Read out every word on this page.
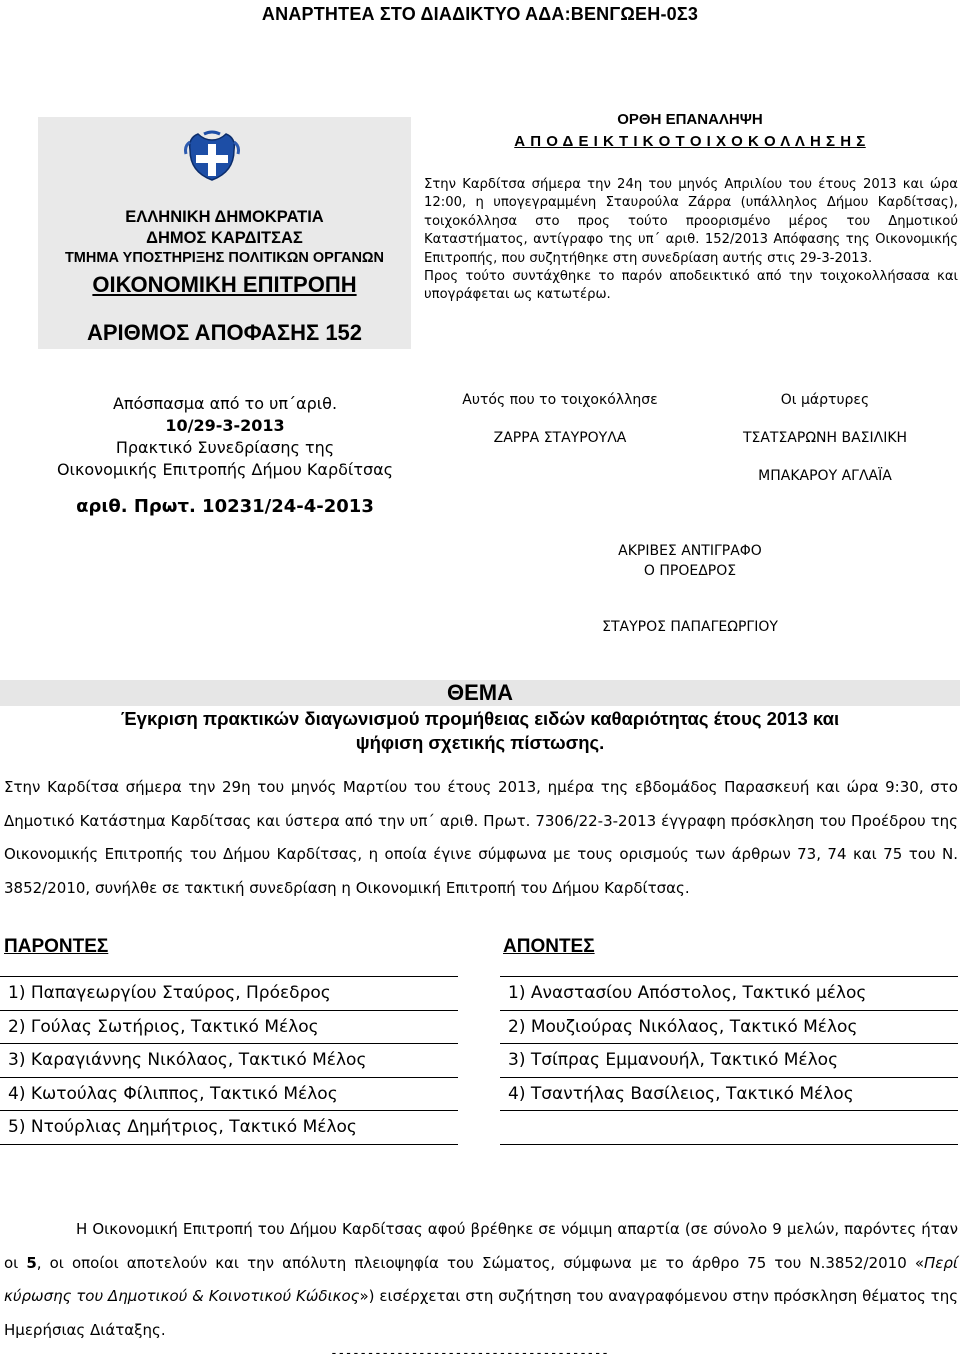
ΑΝΑΡΤΗΤΕΑ ΣΤΟ ΔΙΑΔΙΚΤΥΟ ΑΔΑ:ΒΕΝΓΩΕΗ-0Σ3
ΕΛΛΗΝΙΚΗ ΔΗΜΟΚΡΑΤΙΑ
ΔΗΜΟΣ ΚΑΡΔΙΤΣΑΣ
ΤΜΗΜΑ ΥΠΟΣΤΗΡΙΞΗΣ ΠΟΛΙΤΙΚΩΝ ΟΡΓΑΝΩΝ
ΟΙΚΟΝΟΜΙΚΗ ΕΠΙΤΡΟΠΗ
ΑΡΙΘΜΟΣ ΑΠΟΦΑΣΗΣ 152
ΟΡΘΗ ΕΠΑΝΑΛΗΨΗ
Α Π Ο Δ Ε Ι Κ Τ Ι Κ Ο Τ Ο Ι Χ Ο Κ Ο Λ Λ Η Σ Η Σ

Στην Καρδίτσα σήμερα την 24η του μηνός Απριλίου του έτους 2013 και ώρα 12:00, η υπογεγραμμένη Σταυρούλα Ζάρρα (υπάλληλος Δήμου Καρδίτσας), τοιχοκόλλησα στο προς τούτο προορισμένο μέρος του Δημοτικού Καταστήματος, αντίγραφο της υπ΄ αριθ. 152/2013 Απόφασης της Οικονομικής Επιτροπής, που συζητήθηκε στη συνεδρίαση αυτής στις 29-3-2013.

Προς τούτο συντάχθηκε το παρόν αποδεικτικό από την τοιχοκολλήσασα και υπογράφεται ως κατωτέρω.

Απόσπασμα από το υπ΄αριθ.
10/29-3-2013
Πρακτικό Συνεδρίασης της
Οικονομικής Επιτροπής Δήμου Καρδίτσας
αριθ. Πρωτ. 10231/24-4-2013
Αυτός που το τοιχοκόλλησε
ΖΑΡΡΑ ΣΤΑΥΡΟΥΛΑ
Οι μάρτυρες
ΤΣΑΤΣΑΡΩΝΗ ΒΑΣΙΛΙΚΗ
ΜΠΑΚΑΡΟΥ ΑΓΛΑΪΑ
ΑΚΡΙΒΕΣ ΑΝΤΙΓΡΑΦΟ
Ο ΠΡΟΕΔΡΟΣ
ΣΤΑΥΡΟΣ ΠΑΠΑΓΕΩΡΓΙΟΥ
ΘΕΜΑ
Έγκριση πρακτικών διαγωνισμού προμήθειας ειδών καθαριότητας έτους 2013 και
ψήφιση σχετικής πίστωσης.

Στην Καρδίτσα σήμερα την 29η του μηνός Μαρτίου του έτους 2013, ημέρα της εβδομάδος Παρασκευή και ώρα 9:30, στο Δημοτικό Κατάστημα Καρδίτσας και ύστερα από την υπ΄ αριθ. Πρωτ. 7306/22-3-2013 έγγραφη πρόσκληση του Προέδρου της Οικονομικής Επιτροπής του Δήμου Καρδίτσας, η οποία έγινε σύμφωνα με τους ορισμούς των άρθρων 73, 74 και 75 του Ν. 3852/2010, συνήλθε σε τακτική συνεδρίαση η Οικονομική Επιτροπή του Δήμου Καρδίτσας.

ΠΑΡΟΝΤΕΣ	ΑΠΟΝΤΕΣ
1) Παπαγεωργίου Σταύρος, Πρόεδρος
2) Γούλας Σωτήριος, Τακτικό Μέλος
3) Καραγιάννης Νικόλαος, Τακτικό Μέλος
4) Κωτούλας Φίλιππος, Τακτικό Μέλος
5) Ντούρλιας Δημήτριος, Τακτικό Μέλος
1) Αναστασίου Απόστολος, Τακτικό μέλος
2) Μουζιούρας Νικόλαος, Τακτικό Μέλος
3) Τσίπρας Εμμανουήλ, Τακτικό Μέλος
4) Τσαντήλας Βασίλειος, Τακτικό Μέλος

Η Οικονομική Επιτροπή του Δήμου Καρδίτσας αφού βρέθηκε σε νόμιμη απαρτία (σε σύνολο 9 μελών, παρόντες ήταν οι 5, οι οποίοι αποτελούν και την απόλυτη πλειοψηφία του Σώματος, σύμφωνα με το άρθρο 75 του Ν.3852/2010 «Περί κύρωσης του Δημοτικού & Κοινοτικού Κώδικος») εισέρχεται στη συζήτηση του αναγραφόμενου στην πρόσκληση θέματος της Ημερήσιας Διάταξης.

--------------------------------------
